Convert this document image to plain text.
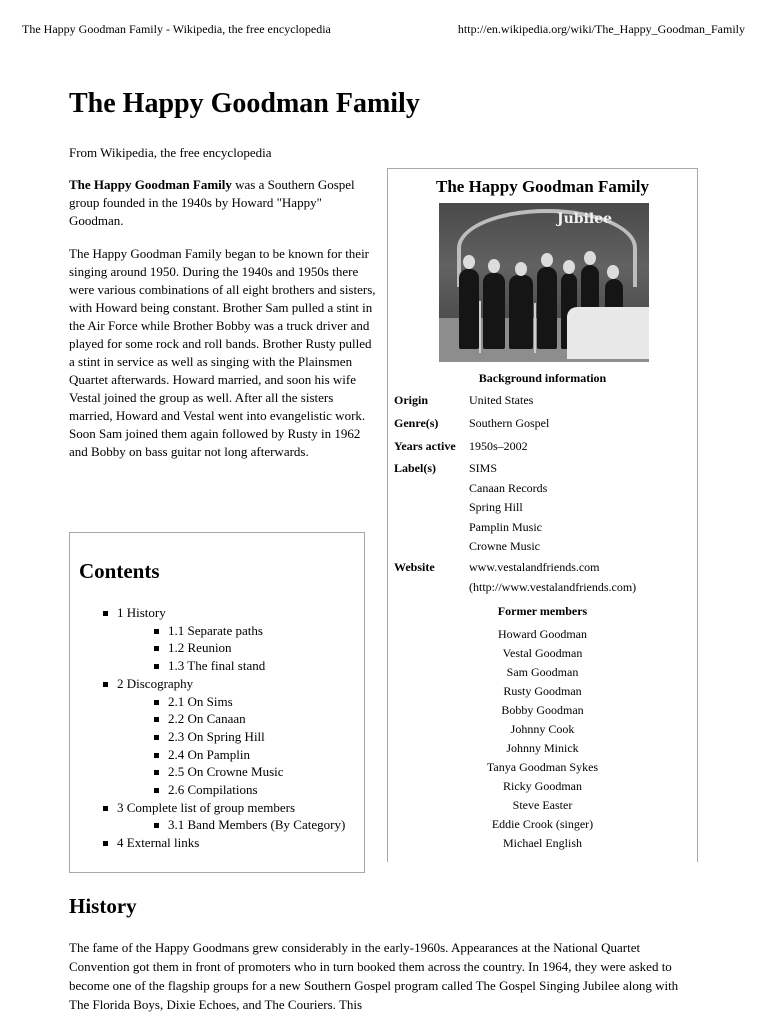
The Happy Goodman Family - Wikipedia, the free encyclopedia	http://en.wikipedia.org/wiki/The_Happy_Goodman_Family
The Happy Goodman Family
From Wikipedia, the free encyclopedia

The Happy Goodman Family was a Southern Gospel group founded in the 1940s by Howard "Happy" Goodman.

The Happy Goodman Family began to be known for their singing around 1950. During the 1940s and 1950s there were various combinations of all eight brothers and sisters, with Howard being constant. Brother Sam pulled a stint in the Air Force while Brother Bobby was a truck driver and played for some rock and roll bands. Brother Rusty pulled a stint in service as well as singing with the Plainsmen Quartet afterwards. Howard married, and soon his wife Vestal joined the group as well. After all the sisters married, Howard and Vestal went into evangelistic work. Soon Sam joined them again followed by Rusty in 1962 and Bobby on bass guitar not long afterwards.

Contents
1 History
1.1 Separate paths
1.2 Reunion
1.3 The final stand
2 Discography
2.1 On Sims
2.2 On Canaan
2.3 On Spring Hill
2.4 On Pamplin
2.5 On Crowne Music
2.6 Compilations
3 Complete list of group members
3.1 Band Members (By Category)
4 External links
History

The fame of the Happy Goodmans grew considerably in the early-1960s. Appearances at the National Quartet Convention got them in front of promoters who in turn booked them across the country. In 1964, they were asked to become one of the flagship groups for a new Southern Gospel program called The Gospel Singing Jubilee along with The Florida Boys, Dixie Echoes, and The Couriers. This

The Happy Goodman Family
Jubilee
Background information
Origin	United States
Genre(s)	Southern Gospel
Years active 1950s–2002
Label(s)	SIMS
Canaan Records
Spring Hill
Pamplin Music
Crowne Music
Website	www.vestalandfriends.com
(http://www.vestalandfriends.com)
Former members
Howard Goodman
Vestal Goodman
Sam Goodman
Rusty Goodman
Bobby Goodman
Johnny Cook
Johnny Minick
Tanya Goodman Sykes
Ricky Goodman
Steve Easter
Eddie Crook (singer)
Michael English
